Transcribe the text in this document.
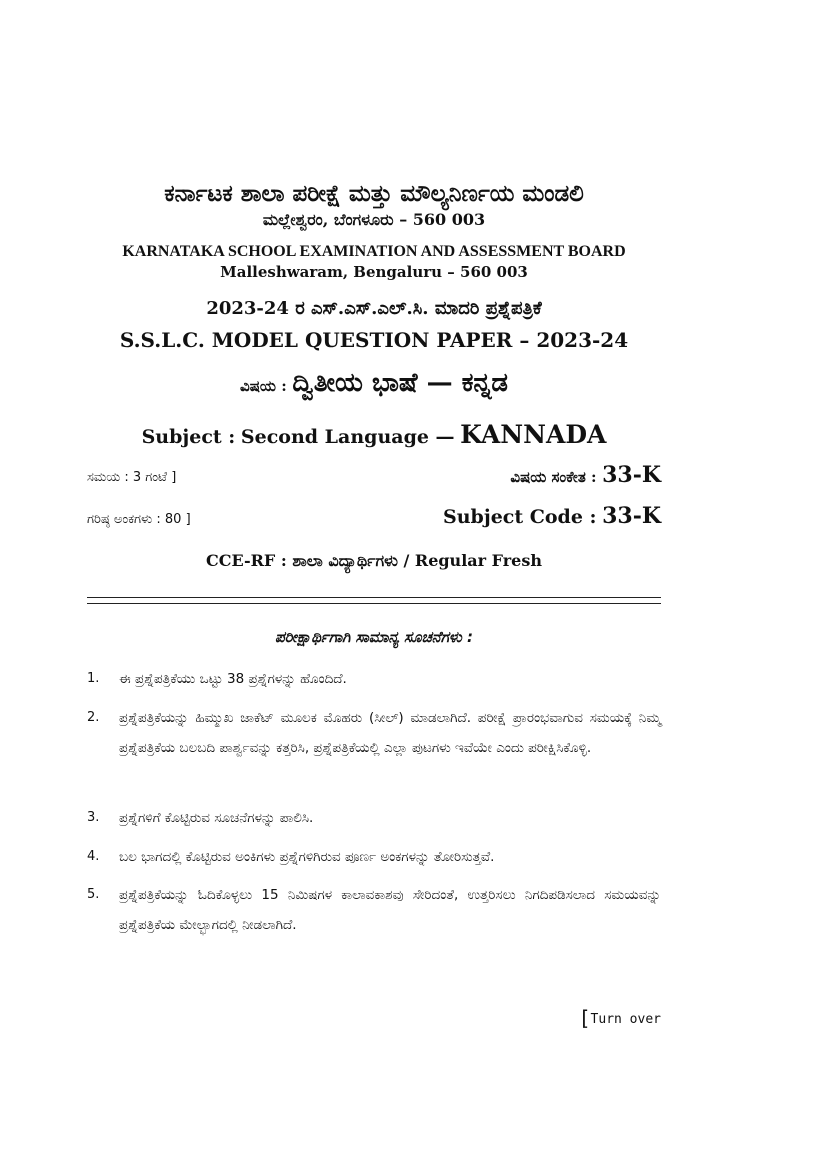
ಕರ್ನಾಟಕ ಶಾಲಾ ಪರೀಕ್ಷೆ ಮತ್ತು ಮೌಲ್ಯನಿರ್ಣಯ ಮಂಡಲಿ
ಮಲ್ಲೇಶ್ವರಂ, ಬೆಂಗಳೂರು – 560 003
KARNATAKA SCHOOL EXAMINATION AND ASSESSMENT BOARD
Malleshwaram, Bengaluru – 560 003
2023-24 ರ ಎಸ್.ಎಸ್.ಎಲ್.ಸಿ. ಮಾದರಿ ಪ್ರಶ್ನೆಪತ್ರಿಕೆ
S.S.L.C. MODEL QUESTION PAPER – 2023-24
ವಿಷಯ : ದ್ವಿತೀಯ ಭಾಷೆ — ಕನ್ನಡ
Subject : Second Language — KANNADA
ಸಮಯ : 3 ಗಂಟೆ ]	ವಿಷಯ ಸಂಕೇತ : 33-K
ಗರಿಷ್ಠ ಅಂಕಗಳು : 80 ]	Subject Code : 33-K
CCE-RF : ಶಾಲಾ ವಿದ್ಯಾರ್ಥಿಗಳು / Regular Fresh
ಪರೀಕ್ಷಾರ್ಥಿಗಾಗಿ ಸಾಮಾನ್ಯ ಸೂಚನೆಗಳು :
1. ಈ ಪ್ರಶ್ನೆಪತ್ರಿಕೆಯು ಒಟ್ಟು 38 ಪ್ರಶ್ನೆಗಳನ್ನು ಹೊಂದಿದೆ.
2. ಪ್ರಶ್ನೆಪತ್ರಿಕೆಯನ್ನು ಹಿಮ್ಮುಖ ಜಾಕೆಟ್ ಮೂಲಕ ಮೊಹರು (ಸೀಲ್) ಮಾಡಲಾಗಿದೆ. ಪರೀಕ್ಷೆ ಪ್ರಾರಂಭವಾಗುವ ಸಮಯಕ್ಕೆ ನಿಮ್ಮ ಪ್ರಶ್ನೆಪತ್ರಿಕೆಯ ಬಲಬದಿ ಪಾರ್ಶ್ವವನ್ನು ಕತ್ತರಿಸಿ, ಪ್ರಶ್ನೆಪತ್ರಿಕೆಯಲ್ಲಿ ಎಲ್ಲಾ ಪುಟಗಳು ಇವೆಯೇ ಎಂದು ಪರೀಕ್ಷಿಸಿಕೊಳ್ಳಿ.
3. ಪ್ರಶ್ನೆಗಳಿಗೆ ಕೊಟ್ಟಿರುವ ಸೂಚನೆಗಳನ್ನು ಪಾಲಿಸಿ.
4. ಬಲ ಭಾಗದಲ್ಲಿ ಕೊಟ್ಟಿರುವ ಅಂಕಿಗಳು ಪ್ರಶ್ನೆಗಳಿಗಿರುವ ಪೂರ್ಣ ಅಂಕಗಳನ್ನು ತೋರಿಸುತ್ತವೆ.
5. ಪ್ರಶ್ನೆಪತ್ರಿಕೆಯನ್ನು ಓದಿಕೊಳ್ಳಲು 15 ನಿಮಿಷಗಳ ಕಾಲಾವಕಾಶವು ಸೇರಿದಂತೆ, ಉತ್ತರಿಸಲು ನಿಗದಿಪಡಿಸಲಾದ ಸಮಯವನ್ನು ಪ್ರಶ್ನೆಪತ್ರಿಕೆಯ ಮೇಲ್ಭಾಗದಲ್ಲಿ ನೀಡಲಾಗಿದೆ.
[Turn over
